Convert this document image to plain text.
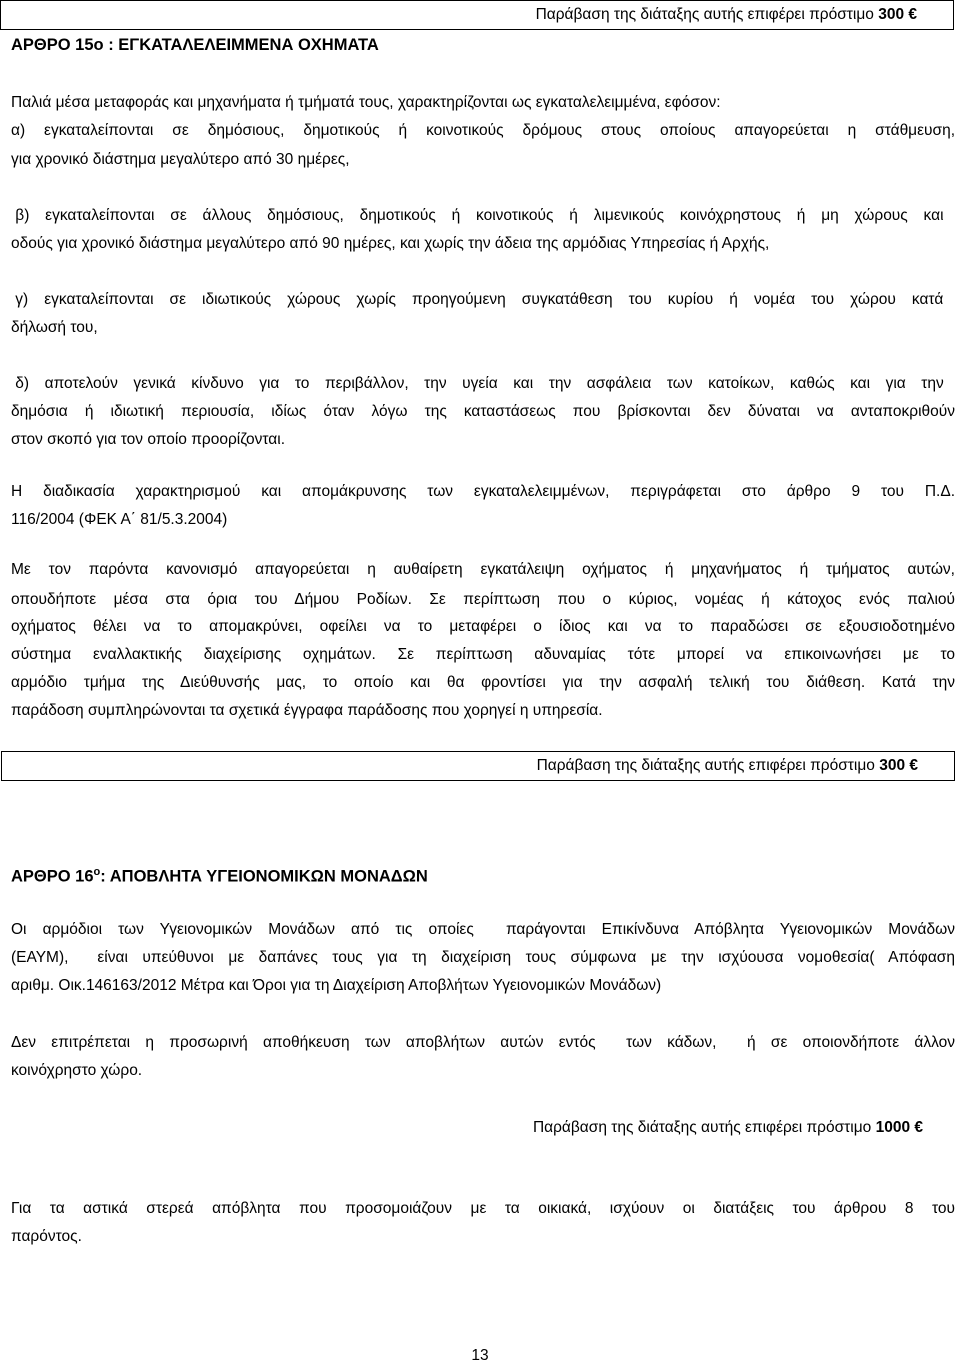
Παράβαση της διάταξης αυτής επιφέρει πρόστιμο 300 €
ΑΡΘΡΟ 15ο : ΕΓΚΑΤΑΛΕΛΕΙΜΜΕΝΑ ΟΧΗΜΑΤΑ
Παλιά μέσα μεταφοράς και μηχανήματα ή τμήματά τους, χαρακτηρίζονται ως εγκαταλελειμμένα, εφόσον:
α) εγκαταλείπονται σε δημόσιους, δημοτικούς ή κοινοτικούς δρόμους στους οποίους απαγορεύεται η στάθμευση,
για χρονικό διάστημα μεγαλύτερο από 30 ημέρες,
β) εγκαταλείπονται σε άλλους δημόσιους, δημοτικούς ή κοινοτικούς ή λιμενικούς κοινόχρηστους ή μη χώρους και
οδούς για χρονικό διάστημα μεγαλύτερο από 90 ημέρες, και χωρίς την άδεια της αρμόδιας Υπηρεσίας ή Αρχής,
γ) εγκαταλείπονται σε ιδιωτικούς χώρους χωρίς προηγούμενη συγκατάθεση του κυρίου ή νομέα του χώρου κατά
δήλωσή του,
δ) αποτελούν γενικά κίνδυνο για το περιβάλλον, την υγεία και την ασφάλεια των κατοίκων, καθώς και για την
δημόσια ή ιδιωτική περιουσία, ιδίως όταν λόγω της καταστάσεως που βρίσκονται δεν δύναται να ανταποκριθούν
στον σκοπό για τον οποίο προορίζονται.
Η διαδικασία χαρακτηρισμού και απομάκρυνσης των εγκαταλελειμμένων, περιγράφεται στο άρθρο 9 του Π.Δ.
116/2004 (ΦΕΚ Α΄ 81/5.3.2004)
Με τον παρόντα κανονισμό απαγορεύεται η αυθαίρετη εγκατάλειψη οχήματος ή μηχανήματος ή τμήματος αυτών,
οπουδήποτε μέσα στα όρια του Δήμου Ροδίων. Σε περίπτωση που ο κύριος, νομέας ή κάτοχος ενός παλιού
οχήματος θέλει να το απομακρύνει, οφείλει να το μεταφέρει ο ίδιος και να το παραδώσει σε εξουσιοδοτημένο
σύστημα εναλλακτικής διαχείρισης οχημάτων. Σε περίπτωση αδυναμίας τότε μπορεί να επικοινωνήσει με το
αρμόδιο τμήμα της Διεύθυνσής μας, το οποίο και θα φροντίσει για την ασφαλή τελική του διάθεση. Κατά την
παράδοση συμπληρώνονται τα σχετικά έγγραφα παράδοσης που χορηγεί η υπηρεσία.
Παράβαση της διάταξης αυτής επιφέρει πρόστιμο 300 €
ΑΡΘΡΟ $16^o$: ΑΠΟΒΛΗΤΑ ΥΓΕΙΟΝΟΜΙΚΩΝ ΜΟΝΑΔΩΝ
Οι αρμόδιοι των Υγειονομικών Μονάδων από τις οποίες  παράγονται Επικίνδυνα Απόβλητα Υγειονομικών Μονάδων
(ΕΑΥΜ),  είναι υπεύθυνοι με δαπάνες τους για τη διαχείριση τους σύμφωνα με την ισχύουσα νομοθεσία( Απόφαση
αριθμ. Οικ.146163/2012 Μέτρα και Όροι για τη Διαχείριση Αποβλήτων Υγειονομικών Μονάδων)
Δεν επιτρέπεται η προσωρινή αποθήκευση των αποβλήτων αυτών εντός  των κάδων,  ή σε οποιονδήποτε άλλον
κοινόχρηστο χώρο.
Παράβαση της διάταξης αυτής επιφέρει πρόστιμο 1000 €
Για τα αστικά στερεά απόβλητα που προσομοιάζουν με τα οικιακά, ισχύουν οι διατάξεις του άρθρου 8 του
παρόντος.
13
